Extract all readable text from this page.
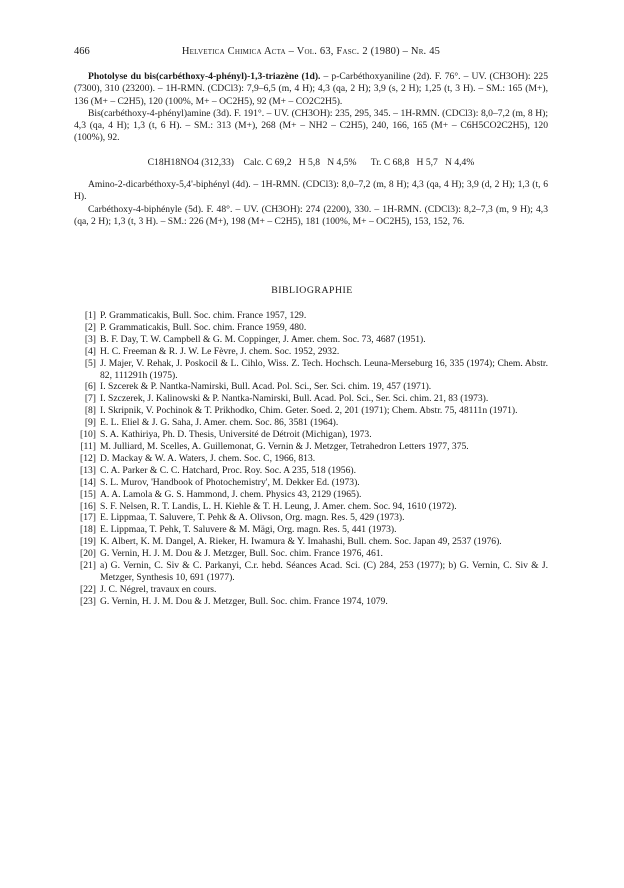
466	Helvetica Chimica Acta – Vol. 63, Fasc. 2 (1980) – Nr. 45

Photolyse du bis(carbéthoxy-4-phényl)-1,3-triazène (1d). – p-Carbéthoxyaniline (2d). F. 76°. – UV. (CH3OH): 225 (7300), 310 (23200). – 1H-RMN. (CDCl3): 7,9–6,5 (m, 4 H); 4,3 (qa, 2 H); 3,9 (s, 2 H); 1,25 (t, 3 H). – SM.: 165 (M+), 136 (M+ – C2H5), 120 (100%, M+ – OC2H5), 92 (M+ – CO2C2H5).

Bis(carbéthoxy-4-phényl)amine (3d). F. 191°. – UV. (CH3OH): 235, 295, 345. – 1H-RMN. (CDCl3): 8,0–7,2 (m, 8 H); 4,3 (qa, 4 H); 1,3 (t, 6 H). – SM.: 313 (M+), 268 (M+ – NH2 – C2H5), 240, 166, 165 (M+ – C6H5CO2C2H5), 120 (100%), 92.

C18H18NO4 (312,33)    Calc. C 69,2   H 5,8   N 4,5%      Tr. C 68,8   H 5,7   N 4,4%

Amino-2-dicarbéthoxy-5,4'-biphényl (4d). – 1H-RMN. (CDCl3): 8,0–7,2 (m, 8 H); 4,3 (qa, 4 H); 3,9 (d, 2 H); 1,3 (t, 6 H).

Carbéthoxy-4-biphényle (5d). F. 48°. – UV. (CH3OH): 274 (2200), 330. – 1H-RMN. (CDCl3): 8,2–7,3 (m, 9 H); 4,3 (qa, 2 H); 1,3 (t, 3 H). – SM.: 226 (M+), 198 (M+ – C2H5), 181 (100%, M+ – OC2H5), 153, 152, 76.

BIBLIOGRAPHIE
[1] P. Grammaticakis, Bull. Soc. chim. France 1957, 129.
[2] P. Grammaticakis, Bull. Soc. chim. France 1959, 480.
[3] B. F. Day, T. W. Campbell & G. M. Coppinger, J. Amer. chem. Soc. 73, 4687 (1951).
[4] H. C. Freeman & R. J. W. Le Fèvre, J. chem. Soc. 1952, 2932.
[5] J. Majer, V. Rehak, J. Poskocil & L. Cihlo, Wiss. Z. Tech. Hochsch. Leuna-Merseburg 16, 335 (1974); Chem. Abstr. 82, 111291h (1975).
[6] I. Szcerek & P. Nantka-Namirski, Bull. Acad. Pol. Sci., Ser. Sci. chim. 19, 457 (1971).
[7] I. Szczerek, J. Kalinowski & P. Nantka-Namirski, Bull. Acad. Pol. Sci., Ser. Sci. chim. 21, 83 (1973).
[8] I. Skripnik, V. Pochinok & T. Prikhodko, Chim. Geter. Soed. 2, 201 (1971); Chem. Abstr. 75, 48111n (1971).
[9] E. L. Eliel & J. G. Saha, J. Amer. chem. Soc. 86, 3581 (1964).
[10] S. A. Kathiriya, Ph. D. Thesis, Université de Détroit (Michigan), 1973.
[11] M. Julliard, M. Scelles, A. Guillemonat, G. Vernin & J. Metzger, Tetrahedron Letters 1977, 375.
[12] D. Mackay & W. A. Waters, J. chem. Soc. C, 1966, 813.
[13] C. A. Parker & C. C. Hatchard, Proc. Roy. Soc. A 235, 518 (1956).
[14] S. L. Murov, 'Handbook of Photochemistry', M. Dekker Ed. (1973).
[15] A. A. Lamola & G. S. Hammond, J. chem. Physics 43, 2129 (1965).
[16] S. F. Nelsen, R. T. Landis, L. H. Kiehle & T. H. Leung, J. Amer. chem. Soc. 94, 1610 (1972).
[17] E. Lippmaa, T. Saluvere, T. Pehk & A. Olivson, Org. magn. Res. 5, 429 (1973).
[18] E. Lippmaa, T. Pehk, T. Saluvere & M. Mägi, Org. magn. Res. 5, 441 (1973).
[19] K. Albert, K. M. Dangel, A. Rieker, H. Iwamura & Y. Imahashi, Bull. chem. Soc. Japan 49, 2537 (1976).
[20] G. Vernin, H. J. M. Dou & J. Metzger, Bull. Soc. chim. France 1976, 461.
[21] a) G. Vernin, C. Siv & C. Parkanyi, C.r. hebd. Séances Acad. Sci. (C) 284, 253 (1977); b) G. Vernin, C. Siv & J. Metzger, Synthesis 10, 691 (1977).
[22] J. C. Négrel, travaux en cours.
[23] G. Vernin, H. J. M. Dou & J. Metzger, Bull. Soc. chim. France 1974, 1079.
